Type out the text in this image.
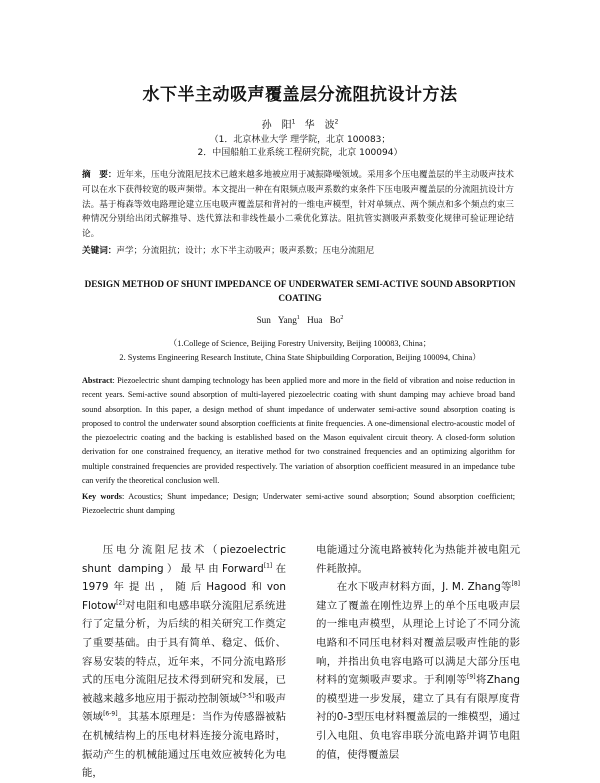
水下半主动吸声覆盖层分流阻抗设计方法
孙　阳$^1$ 华　波$^2$
（1．北京林业大学 理学院，北京 100083；
2．中国船舶工业系统工程研究院，北京 100094）
摘　要：近年来，压电分流阻尼技术已越来越多地被应用于减振降噪领域。采用多个压电覆盖层的半主动吸声技术可以在水下获得较宽的吸声频带。本文提出一种在有限频点吸声系数约束条件下压电吸声覆盖层的分流阻抗设计方法。基于梅森等效电路理论建立压电吸声覆盖层和背衬的一维电声模型，针对单频点、两个频点和多个频点约束三种情况分别给出闭式解推导、迭代算法和非线性最小二乘优化算法。阻抗管实测吸声系数变化规律可验证理论结论。
关键词：声学；分流阻抗；设计；水下半主动吸声；吸声系数；压电分流阻尼
DESIGN METHOD OF SHUNT IMPEDANCE OF UNDERWATER SEMI-ACTIVE SOUND ABSORPTION COATING
Sun Yang$^1$ Hua Bo$^2$
（1.College of Science, Beijing Forestry University, Beijing 100083, China；
2. Systems Engineering Research Institute, China State Shipbuilding Corporation, Beijing 100094, China）
Abstract: Piezoelectric shunt damping technology has been applied more and more in the field of vibration and noise reduction in recent years. Semi-active sound absorption of multi-layered piezoelectric coating with shunt damping may achieve broad band sound absorption. In this paper, a design method of shunt impedance of underwater semi-active sound absorption coating is proposed to control the underwater sound absorption coefficients at finite frequencies. A one-dimensional electro-acoustic model of the piezoelectric coating and the backing is established based on the Mason equivalent circuit theory. A closed-form solution derivation for one constrained frequency, an iterative method for two constrained frequencies and an optimizing algorithm for multiple constrained frequencies are provided respectively. The variation of absorption coefficient measured in an impedance tube can verify the theoretical conclusion well.
Key words: Acoustics; Shunt impedance; Design; Underwater semi-active sound absorption; Sound absorption coefficient; Piezoelectric shunt damping

压电分流阻尼技术（piezoelectric shunt damping）最早由Forward[1]在1979年提出，随后Hagood和von Flotow[2]对电阻和电感串联分流阻尼系统进行了定量分析，为后续的相关研究工作奠定了重要基础。由于具有简单、稳定、低价、容易安装的特点，近年来，不同分流电路形式的压电分流阻尼技术得到研究和发展，已被越来越多地应用于振动控制领域[3-5]和吸声领域[6-9]。其基本原理是：当作为传感器被粘在机械结构上的压电材料连接分流电路时，振动产生的机械能通过压电效应被转化为电能，

电能通过分流电路被转化为热能并被电阻元件耗散掉。

在水下吸声材料方面，J. M. Zhang等[8]建立了覆盖在刚性边界上的单个压电吸声层的一维电声模型，从理论上讨论了不同分流电路和不同压电材料对覆盖层吸声性能的影响，并指出负电容电路可以满足大部分压电材料的宽频吸声要求。于利刚等[9]将Zhang的模型进一步发展，建立了具有有限厚度背衬的0-3型压电材料覆盖层的一维模型，通过引入电阻、负电容串联分流电路并调节电阻的值，使得覆盖层
